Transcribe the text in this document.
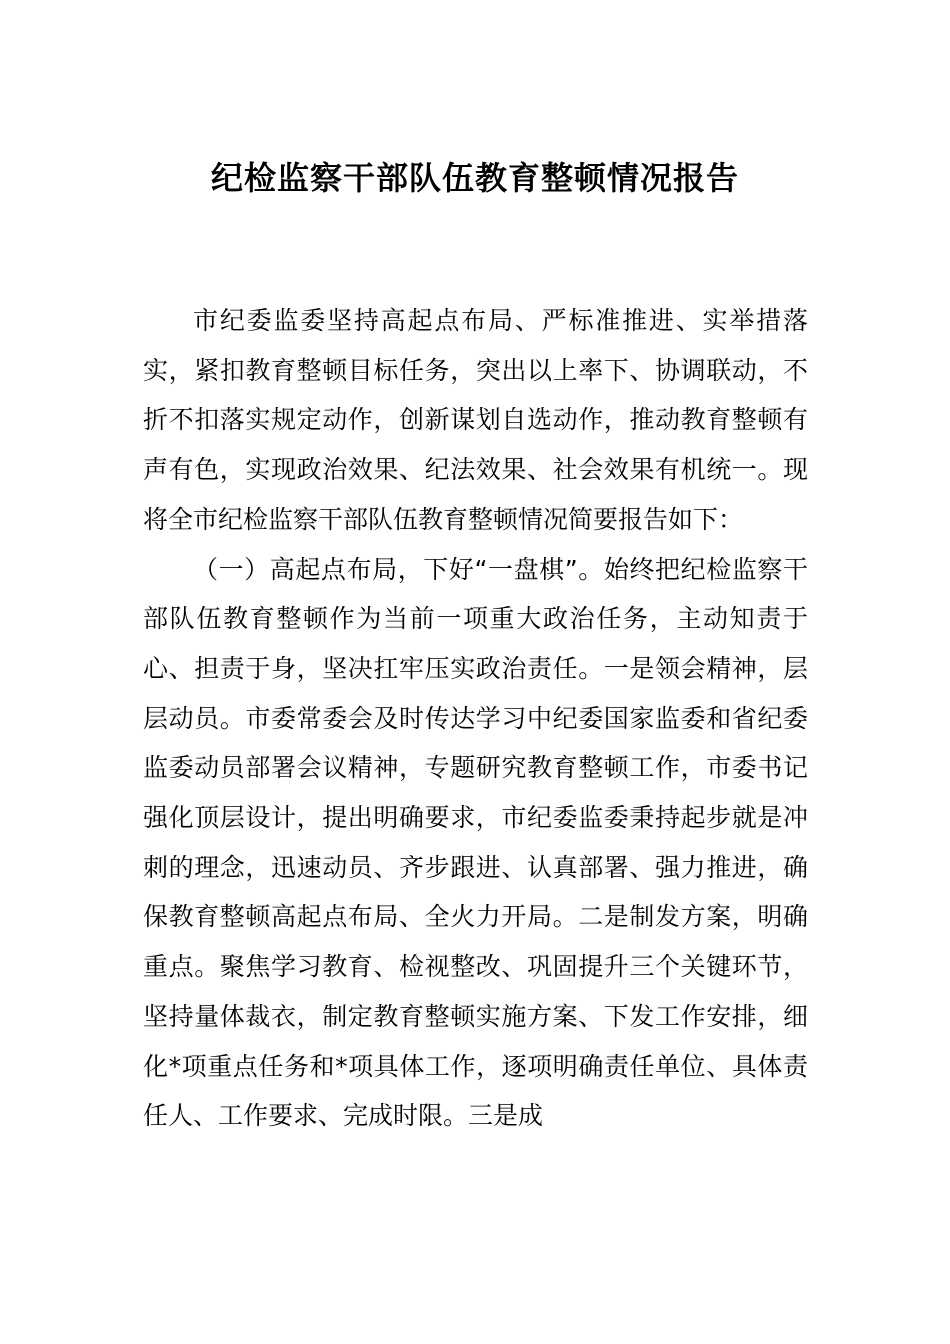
纪检监察干部队伍教育整顿情况报告

市纪委监委坚持高起点布局、严标准推进、实举措落实，紧扣教育整顿目标任务，突出以上率下、协调联动，不折不扣落实规定动作，创新谋划自选动作，推动教育整顿有声有色，实现政治效果、纪法效果、社会效果有机统一。现将全市纪检监察干部队伍教育整顿情况简要报告如下：

（一）高起点布局，下好“一盘棋”。始终把纪检监察干部队伍教育整顿作为当前一项重大政治任务，主动知责于心、担责于身，坚决扛牢压实政治责任。一是领会精神，层层动员。市委常委会及时传达学习中纪委国家监委和省纪委监委动员部署会议精神，专题研究教育整顿工作，市委书记强化顶层设计，提出明确要求，市纪委监委秉持起步就是冲刺的理念，迅速动员、齐步跟进、认真部署、强力推进，确保教育整顿高起点布局、全火力开局。二是制发方案，明确重点。聚焦学习教育、检视整改、巩固提升三个关键环节，坚持量体裁衣，制定教育整顿实施方案、下发工作安排，细化*项重点任务和*项具体工作，逐项明确责任单位、具体责任人、工作要求、完成时限。三是成
